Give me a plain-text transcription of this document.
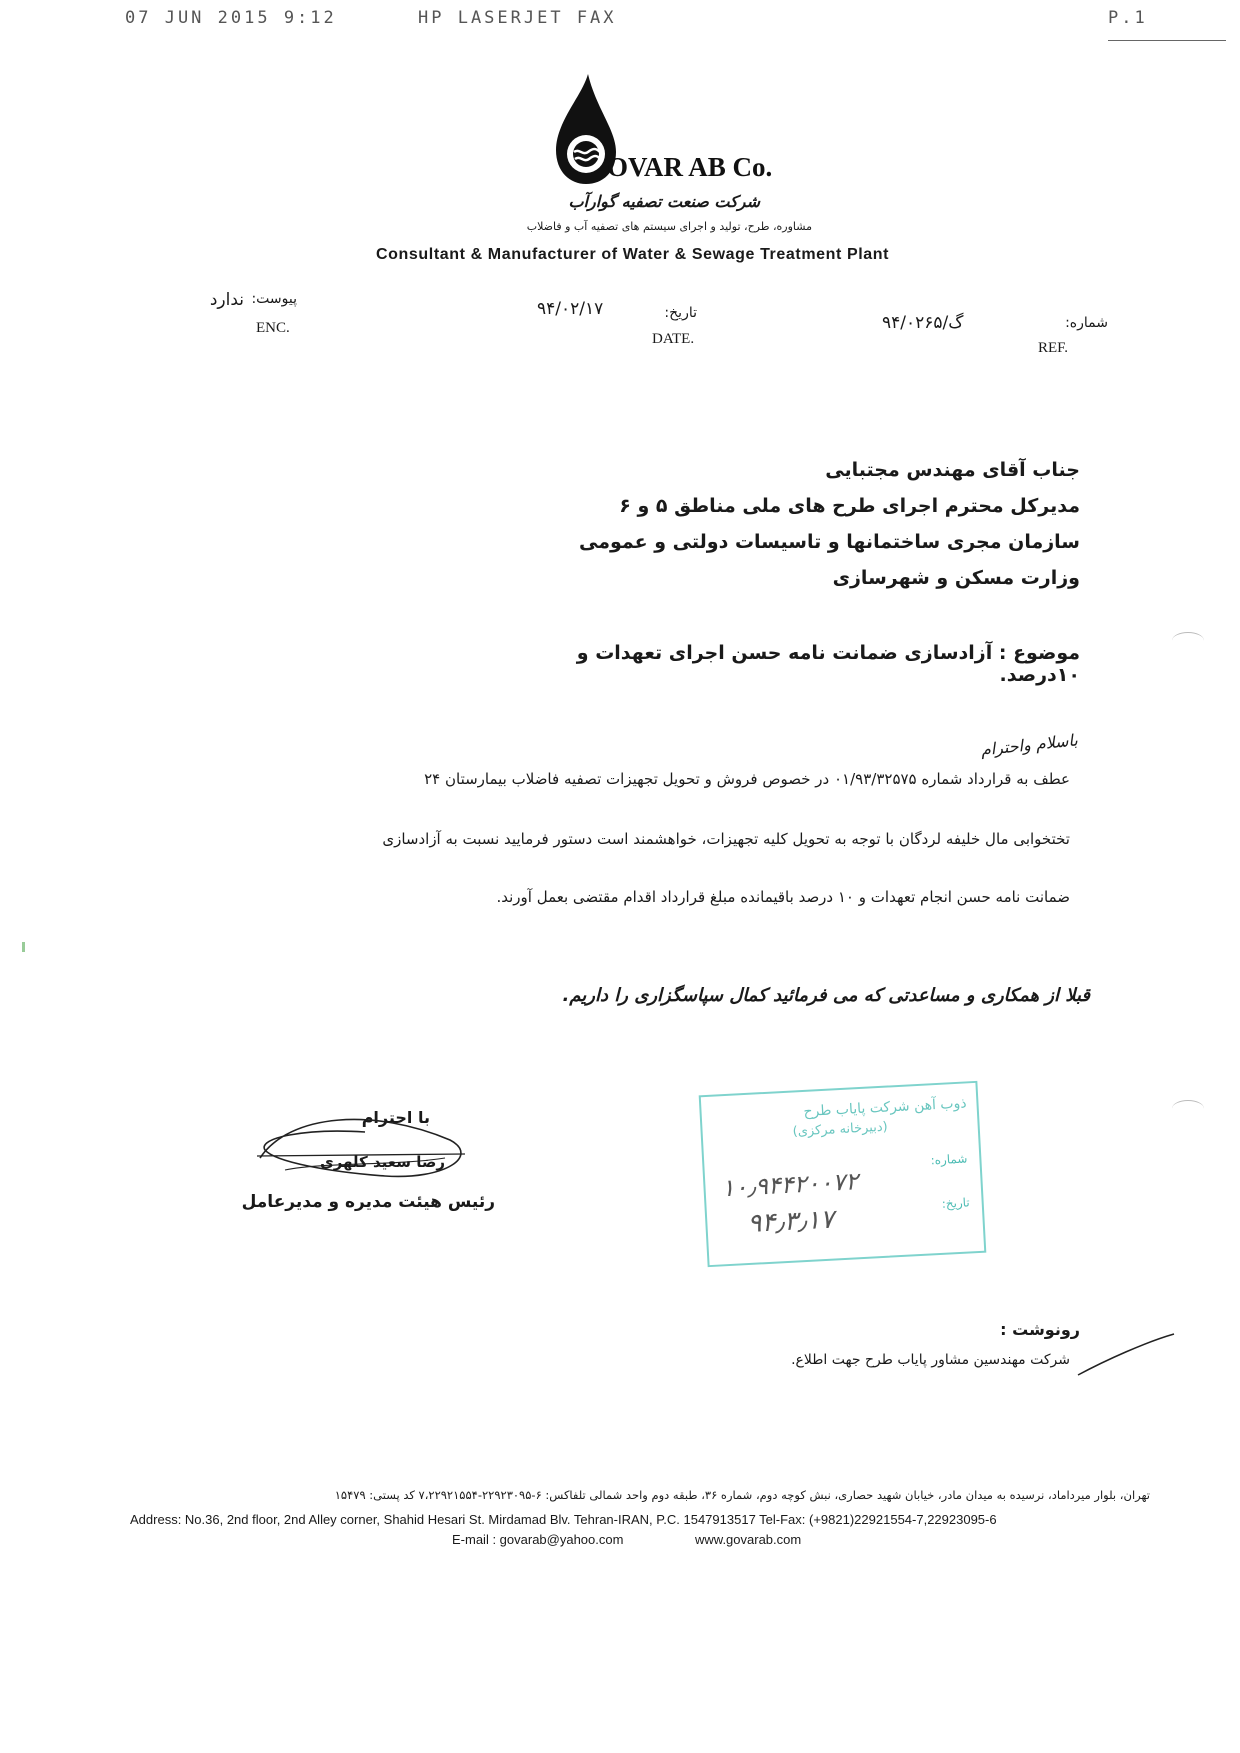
07 JUN 2015 9:12	HP LASERJET FAX	P.1
OVAR AB Co.
شرکت صنعت تصفیه گوارآب
مشاوره، طرح، تولید و اجرای سیستم های تصفیه آب و فاضلاب
Consultant & Manufacturer of Water & Sewage Treatment Plant
پیوست:
ندارد
ENC.
۹۴/۰۲/۱۷	تاریخ:
DATE.
۹۴/۰۲۶۵/گ	شماره:
REF.
جناب آقای مهندس مجتبایی
مدیرکل محترم اجرای طرح های ملی مناطق ۵ و ۶
سازمان مجری ساختمانها و تاسیسات دولتی و عمومی
وزارت مسکن و شهرسازی
موضوع : آزادسازی ضمانت نامه حسن اجرای تعهدات و ۱۰درصد.
باسلام واحترام
عطف به قرارداد شماره ۰۱/۹۳/۳۲۵۷۵ در خصوص فروش و تحویل تجهیزات تصفیه فاضلاب بیمارستان ۲۴
تختخوابی مال خلیفه لردگان با توجه به تحویل کلیه تجهیزات، خواهشمند است دستور فرمایید نسبت به آزادسازی
ضمانت نامه حسن انجام تعهدات و ۱۰ درصد باقیمانده مبلغ قرارداد اقدام مقتضی بعمل آورند.
قبلا از همکاری و مساعدتی که می فرمائید کمال سپاسگزاری را داریم.
با احترام
رضا سعید کلهری
رئیس هیئت مدیره و مدیرعامل
ذوب آهن شرکت پایاب طرح
(دبیرخانه مرکزی)
شماره:
تاریخ:
۱۰٫۹۴۴۲۰۰۷۲
۹۴٫۳٫۱۷
رونوشت :
شرکت مهندسین مشاور پایاب طرح جهت اطلاع.
تهران، بلوار میرداماد، نرسیده به میدان مادر، خیابان شهید حصاری، نبش کوچه دوم، شماره ۳۶، طبقه دوم واحد شمالی تلفاکس: ۶-۲۲۹۲۳۰۹۵-۷،۲۲۹۲۱۵۵۴ کد پستی: ۱۵۴۷۹
Address: No.36, 2nd floor, 2nd Alley corner, Shahid Hesari St. Mirdamad Blv. Tehran-IRAN, P.C. 1547913517 Tel-Fax: (+9821)22921554-7,22923095-6
E-mail : govarab@yahoo.com	www.govarab.com
